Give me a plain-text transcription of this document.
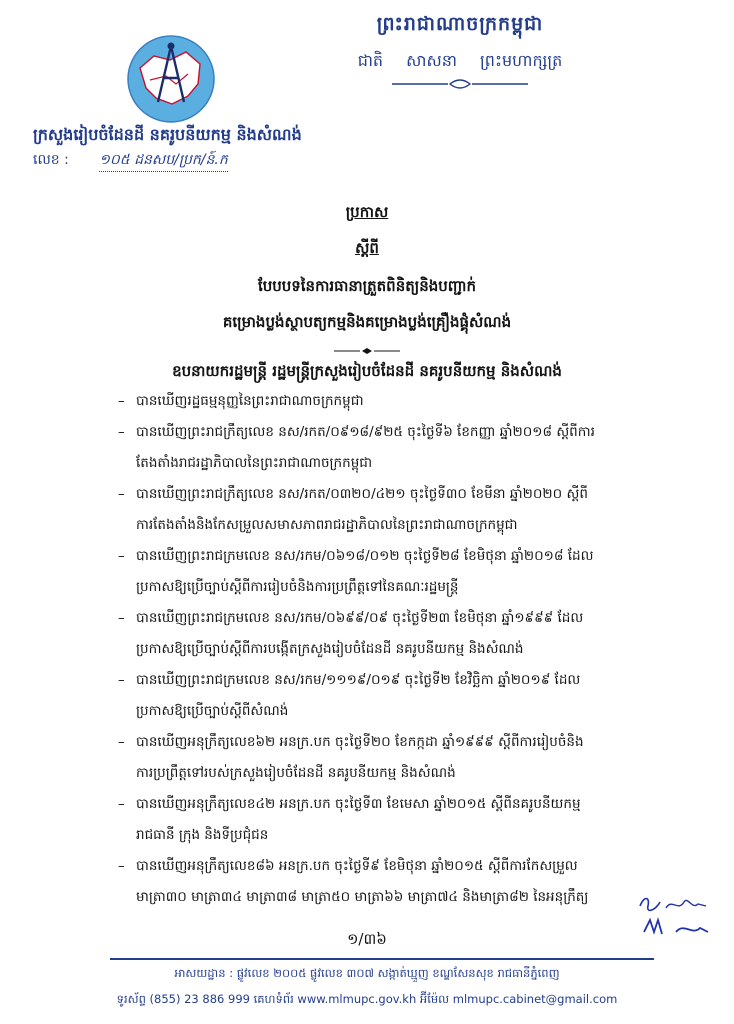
ព្រះរាជាណាចក្រកម្ពុជា
ជាតិ សាសនា ព្រះមហាក្សត្រ
ក្រសួងរៀបចំដែនដី នគរូបនីយកម្ម និងសំណង់
លេខ : ១០៥ ដនសប/ប្រក/ន៍.ក
ប្រកាស
ស្ដីពី
បែបបទនៃការធានាត្រួតពិនិត្យនិងបញ្ជាក់
គម្រោងប្លង់ស្ថាបត្យកម្មនិងគម្រោងប្លង់គ្រឿងផ្គុំសំណង់
ឧបនាយករដ្ឋមន្ត្រី រដ្ឋមន្ត្រីក្រសួងរៀបចំដែនដី នគរូបនីយកម្ម និងសំណង់
– បានឃើញរដ្ឋធម្មនុញ្ញនៃព្រះរាជាណាចក្រកម្ពុជា
– បានឃើញព្រះរាជក្រឹត្យលេខ នស/រកត/០៩១៨/៩២៥ ចុះថ្ងៃទី៦ ខែកញ្ញា ឆ្នាំ២០១៨ ស្ដីពីការ
តែងតាំងរាជរដ្ឋាភិបាលនៃព្រះរាជាណាចក្រកម្ពុជា
– បានឃើញព្រះរាជក្រឹត្យលេខ នស/រកត/០៣២០/៤២១ ចុះថ្ងៃទី៣០ ខែមីនា ឆ្នាំ២០២០ ស្ដីពី
ការតែងតាំងនិងកែសម្រួលសមាសភាពរាជរដ្ឋាភិបាលនៃព្រះរាជាណាចក្រកម្ពុជា
– បានឃើញព្រះរាជក្រមលេខ នស/រកម/០៦១៨/០១២ ចុះថ្ងៃទី២៨ ខែមិថុនា ឆ្នាំ២០១៨ ដែល
ប្រកាសឱ្យប្រើច្បាប់ស្ដីពីការរៀបចំនិងការប្រព្រឹត្តទៅនៃគណៈរដ្ឋមន្ត្រី
– បានឃើញព្រះរាជក្រមលេខ នស/រកម/០៦៩៩/០៩ ចុះថ្ងៃទី២៣ ខែមិថុនា ឆ្នាំ១៩៩៩ ដែល
ប្រកាសឱ្យប្រើច្បាប់ស្ដីពីការបង្កើតក្រសួងរៀបចំដែនដី នគរូបនីយកម្ម និងសំណង់
– បានឃើញព្រះរាជក្រមលេខ នស/រកម/១១១៩/០១៩ ចុះថ្ងៃទី២ ខែវិច្ឆិកា ឆ្នាំ២០១៩ ដែល
ប្រកាសឱ្យប្រើច្បាប់ស្ដីពីសំណង់
– បានឃើញអនុក្រឹត្យលេខ៦២ អនក្រ.បក ចុះថ្ងៃទី២០ ខែកក្កដា ឆ្នាំ១៩៩៩ ស្ដីពីការរៀបចំនិង
ការប្រព្រឹត្តទៅរបស់ក្រសួងរៀបចំដែនដី នគរូបនីយកម្ម និងសំណង់
– បានឃើញអនុក្រឹត្យលេខ៤២ អនក្រ.បក ចុះថ្ងៃទី៣ ខែមេសា ឆ្នាំ២០១៥ ស្ដីពីនគរូបនីយកម្ម
រាជធានី ក្រុង និងទីប្រជុំជន
– បានឃើញអនុក្រឹត្យលេខ៨៦ អនក្រ.បក ចុះថ្ងៃទី៩ ខែមិថុនា ឆ្នាំ២០១៥ ស្ដីពីការកែសម្រួល
មាត្រា៣០ មាត្រា៣៤ មាត្រា៣៨ មាត្រា៥០ មាត្រា៦៦ មាត្រា៧៤ និងមាត្រា៨២ នៃអនុក្រឹត្យ
១/៣៦
អាសយដ្ឋាន : ផ្លូវលេខ ២០០៥ ផ្លូវលេខ ៣០៧ សង្កាត់ឃ្មួញ ខណ្ឌសែនសុខ រាជធានីភ្នំពេញ
ទូរស័ព្ទ (855) 23 886 999 គេហទំព័រ www.mlmupc.gov.kh អ៊ីម៉ែល mlmupc.cabinet@gmail.com
